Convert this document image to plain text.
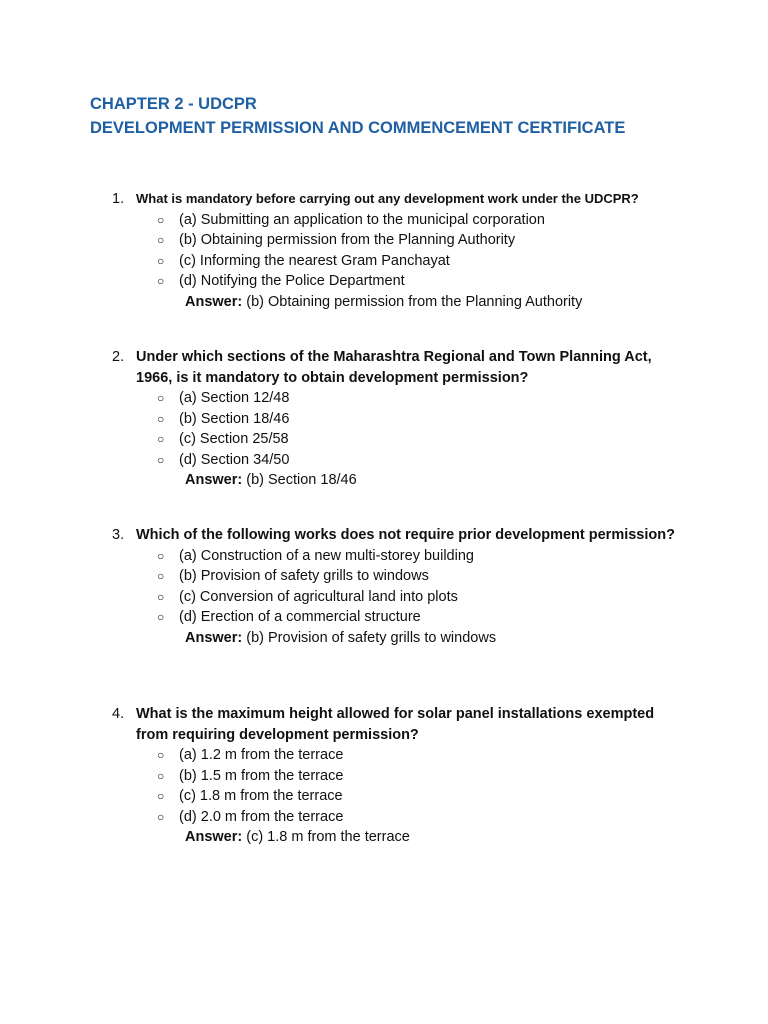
CHAPTER 2 - UDCPR
DEVELOPMENT PERMISSION AND COMMENCEMENT CERTIFICATE
1. What is mandatory before carrying out any development work under the UDCPR?
○	(a) Submitting an application to the municipal corporation
○	(b) Obtaining permission from the Planning Authority
○	(c) Informing the nearest Gram Panchayat
○	(d) Notifying the Police Department
Answer: (b) Obtaining permission from the Planning Authority
2. Under which sections of the Maharashtra Regional and Town Planning Act, 1966, is it mandatory to obtain development permission?
○	(a) Section 12/48
○	(b) Section 18/46
○	(c) Section 25/58
○	(d) Section 34/50
Answer: (b) Section 18/46
3. Which of the following works does not require prior development permission?
○	(a) Construction of a new multi-storey building
○	(b) Provision of safety grills to windows
○	(c) Conversion of agricultural land into plots
○	(d) Erection of a commercial structure
Answer: (b) Provision of safety grills to windows
4. What is the maximum height allowed for solar panel installations exempted from requiring development permission?
○	(a) 1.2 m from the terrace
○	(b) 1.5 m from the terrace
○	(c) 1.8 m from the terrace
○	(d) 2.0 m from the terrace
Answer: (c) 1.8 m from the terrace
